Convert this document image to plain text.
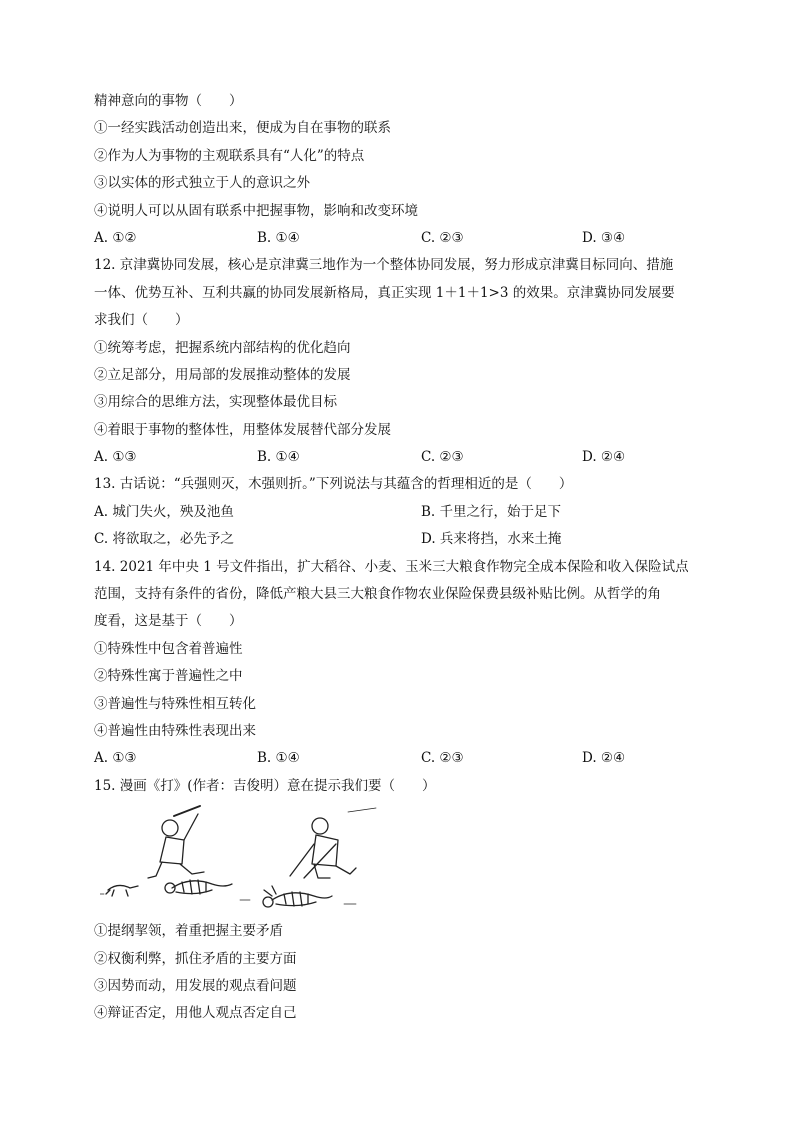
精神意向的事物（　　）
①一经实践活动创造出来，便成为自在事物的联系
②作为人为事物的主观联系具有“人化”的特点
③以实体的形式独立于人的意识之外
④说明人可以从固有联系中把握事物，影响和改变环境
A. ①②	B. ①④	C. ②③	D. ③④
12. 京津冀协同发展，核心是京津冀三地作为一个整体协同发展，努力形成京津冀目标同向、措施
一体、优势互补、互利共赢的协同发展新格局，真正实现 1＋1＋1>3 的效果。京津冀协同发展要
求我们（　　）
①统筹考虑，把握系统内部结构的优化趋向
②立足部分，用局部的发展推动整体的发展
③用综合的思维方法，实现整体最优目标
④着眼于事物的整体性，用整体发展替代部分发展
A. ①③	B. ①④	C. ②③	D. ②④
13. 古话说：“兵强则灭，木强则折。”下列说法与其蕴含的哲理相近的是（　　）
A. 城门失火，殃及池鱼	B. 千里之行，始于足下
C. 将欲取之，必先予之	D. 兵来将挡，水来土掩
14. 2021 年中央 1 号文件指出，扩大稻谷、小麦、玉米三大粮食作物完全成本保险和收入保险试点
范围，支持有条件的省份，降低产粮大县三大粮食作物农业保险保费县级补贴比例。从哲学的角
度看，这是基于（　　）
①特殊性中包含着普遍性
②特殊性寓于普遍性之中
③普遍性与特殊性相互转化
④普遍性由特殊性表现出来
A. ①③	B. ①④	C. ②③	D. ②④
15. 漫画《打》(作者：吉俊明）意在提示我们要（　　）
①提纲挈领，着重把握主要矛盾
②权衡利弊，抓住矛盾的主要方面
③因势而动，用发展的观点看问题
④辩证否定，用他人观点否定自己
